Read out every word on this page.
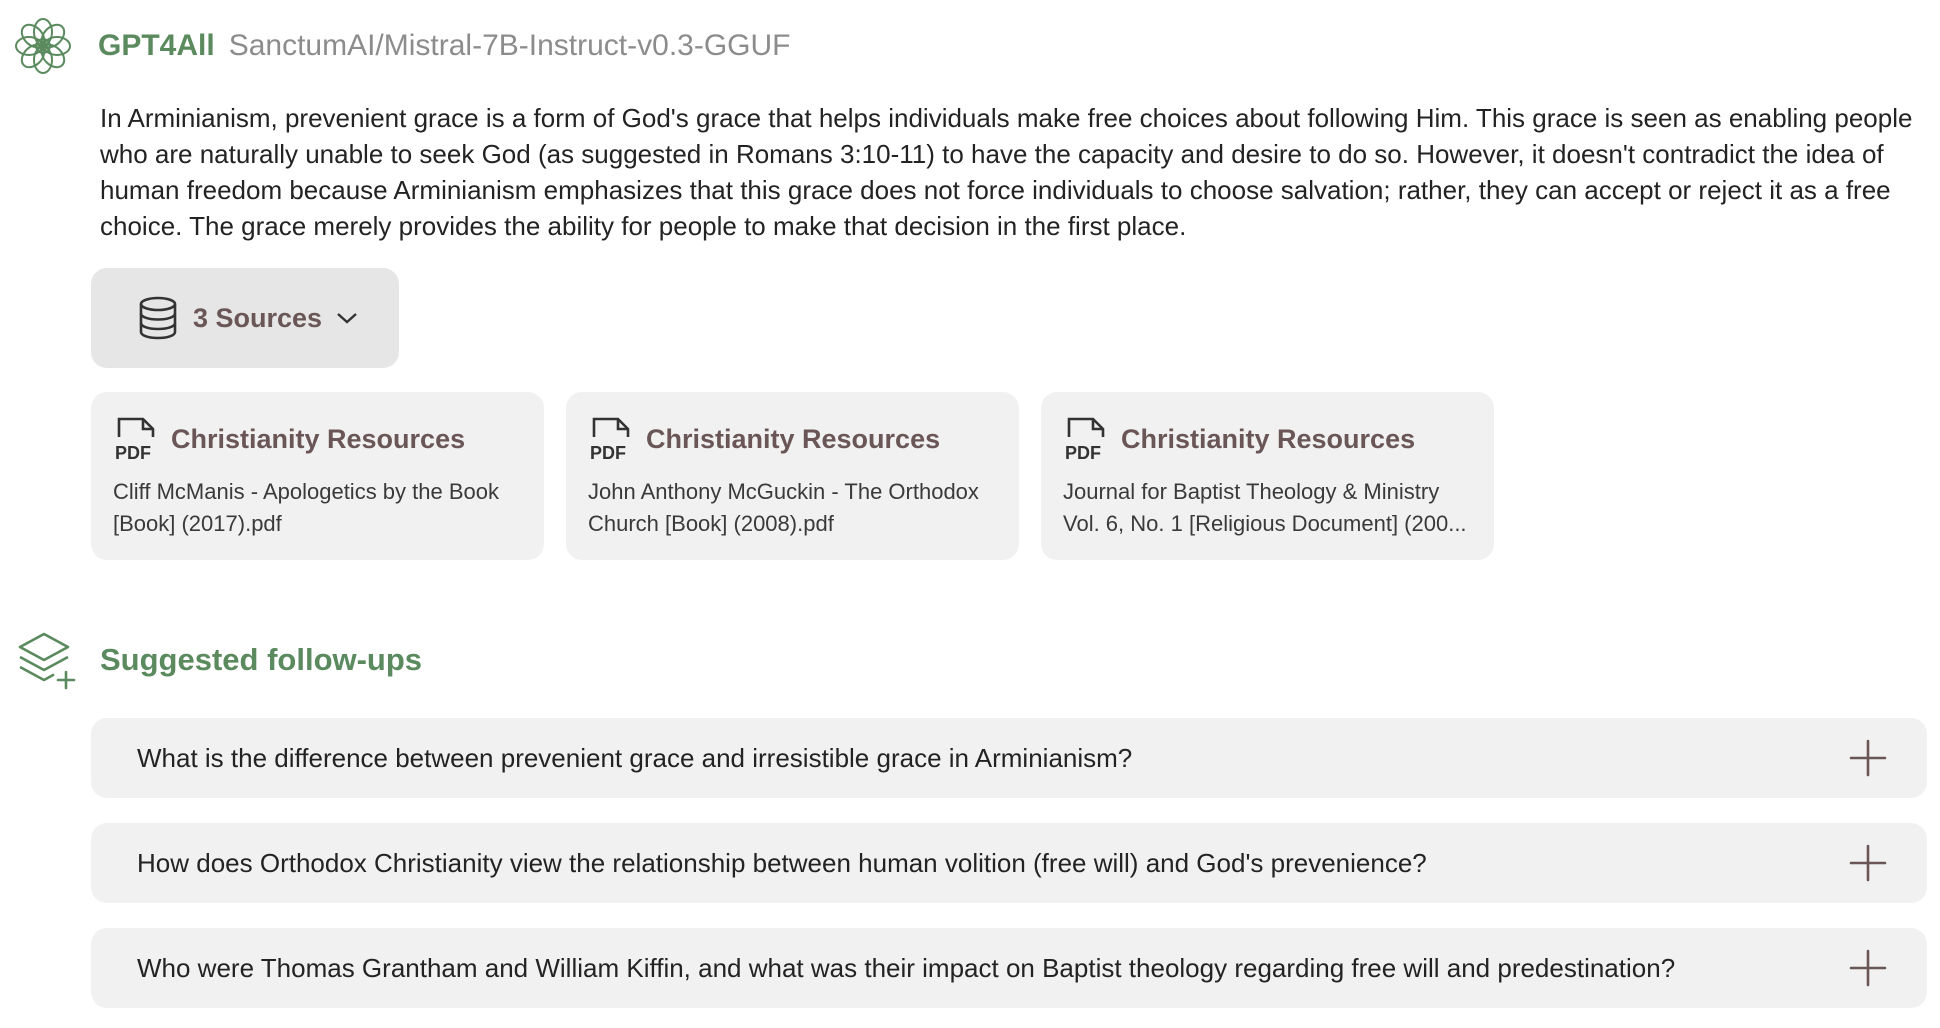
GPT4All SanctumAI/Mistral-7B-Instruct-v0.3-GGUF
In Arminianism, prevenient grace is a form of God's grace that helps individuals make free choices about following Him. This grace is seen as enabling people who are naturally unable to seek God (as suggested in Romans 3:10-11) to have the capacity and desire to do so. However, it doesn't contradict the idea of human freedom because Arminianism emphasizes that this grace does not force individuals to choose salvation; rather, they can accept or reject it as a free choice. The grace merely provides the ability for people to make that decision in the first place.
3 Sources
PDF Christianity Resources
Cliff McManis - Apologetics by the Book [Book] (2017).pdf
PDF Christianity Resources
John Anthony McGuckin - The Orthodox Church [Book] (2008).pdf
PDF Christianity Resources
Journal for Baptist Theology & Ministry Vol. 6, No. 1 [Religious Document] (200...
Suggested follow-ups
What is the difference between prevenient grace and irresistible grace in Arminianism?
How does Orthodox Christianity view the relationship between human volition (free will) and God's prevenience?
Who were Thomas Grantham and William Kiffin, and what was their impact on Baptist theology regarding free will and predestination?
